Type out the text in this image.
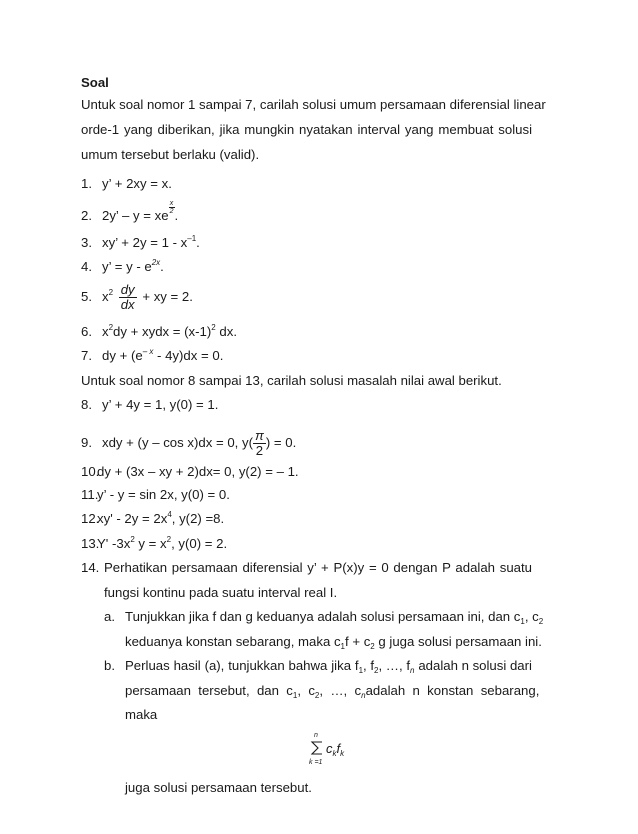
Soal
Untuk soal nomor 1 sampai 7, carilah solusi umum persamaan diferensial linear
orde-1 yang diberikan, jika mungkin nyatakan interval yang membuat solusi
umum tersebut berlaku (valid).
1. y’ + 2xy = x.
2. 2y’ – y = xe
$\frac{x}{2}$
.
3. xy’ + $2y = 1 - x^{-1}$.
4. y’ = y - $e^{2x}$.
5. $x^2 \frac{dy}{dx}$ + xy = 2.
6. $x^2dy$ + xydx = $(x-1)^2$ dx.
7. dy + $(e^{- x} - 4y)dx = 0$.
Untuk soal nomor 8 sampai 13, carilah solusi masalah nilai awal berikut.
8. y’ + 4y = 1, y(0) = 1.
9. xdy + (y – cos x)dx = 0, $y( \frac{\pi}{2}$ ) = 0.
10.dy + (3x – xy + 2)dx= 0, y(2) = – 1.
11.y’ - y = sin 2x, y(0) = 0.
$12.xy' - 2y = 2x^4$, y(2) =8.
13.Y' $-3x^2$ $y = x^2$, y(0) = 2.
14. Perhatikan persamaan diferensial y’ + P(x)y = 0 dengan P adalah suatu
fungsi kontinu pada suatu interval real I.
a. Tunjukkan jika f dan g keduanya adalah solusi persamaan ini, dan $c_1$, $c_2$
keduanya konstan sebarang, maka $c_1f + c_2$ g juga solusi persamaan ini.
b. Perluas hasil (a), tunjukkan bahwa jika $f_1$, $f_2$, …, $f_n$ adalah n solusi dari
persamaan  tersebut,  dan  $c_1$,  $c_2$,  …,  $c_n$ adalah  n  konstan  sebarang,
maka
n
k =1
$c_kf_k$
juga solusi persamaan tersebut.
